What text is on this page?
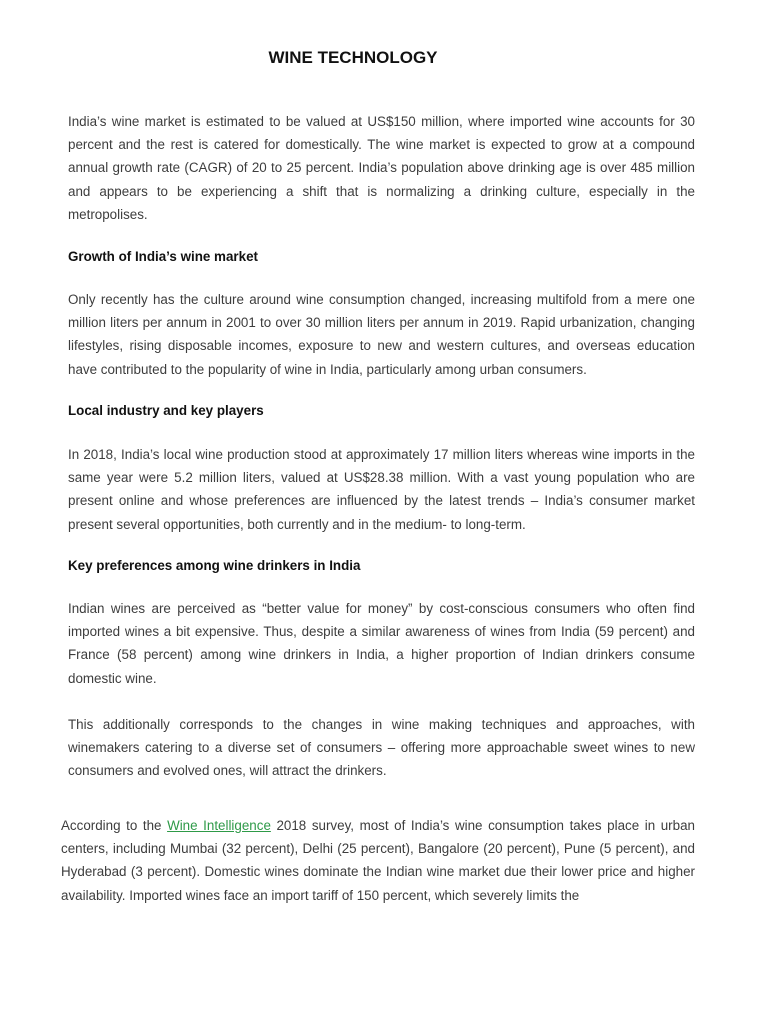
WINE TECHNOLOGY

India’s wine market is estimated to be valued at US$150 million, where imported wine accounts for 30 percent and the rest is catered for domestically. The wine market is expected to grow at a compound annual growth rate (CAGR) of 20 to 25 percent. India’s population above drinking age is over 485 million and appears to be experiencing a shift that is normalizing a drinking culture, especially in the metropolises.

Growth of India’s wine market

Only recently has the culture around wine consumption changed, increasing multifold from a mere one million liters per annum in 2001 to over 30 million liters per annum in 2019. Rapid urbanization, changing lifestyles, rising disposable incomes, exposure to new and western cultures, and overseas education have contributed to the popularity of wine in India, particularly among urban consumers.

Local industry and key players

In 2018, India’s local wine production stood at approximately 17 million liters whereas wine imports in the same year were 5.2 million liters, valued at US$28.38 million. With a vast young population who are present online and whose preferences are influenced by the latest trends – India’s consumer market present several opportunities, both currently and in the medium- to long-term.

Key preferences among wine drinkers in India

Indian wines are perceived as “better value for money” by cost-conscious consumers who often find imported wines a bit expensive. Thus, despite a similar awareness of wines from India (59 percent) and France (58 percent) among wine drinkers in India, a higher proportion of Indian drinkers consume domestic wine.

This additionally corresponds to the changes in wine making techniques and approaches, with winemakers catering to a diverse set of consumers – offering more approachable sweet wines to new consumers and evolved ones, will attract the drinkers.

According to the Wine Intelligence 2018 survey, most of India’s wine consumption takes place in urban centers, including Mumbai (32 percent), Delhi (25 percent), Bangalore (20 percent), Pune (5 percent), and Hyderabad (3 percent). Domestic wines dominate the Indian wine market due their lower price and higher availability. Imported wines face an import tariff of 150 percent, which severely limits the
